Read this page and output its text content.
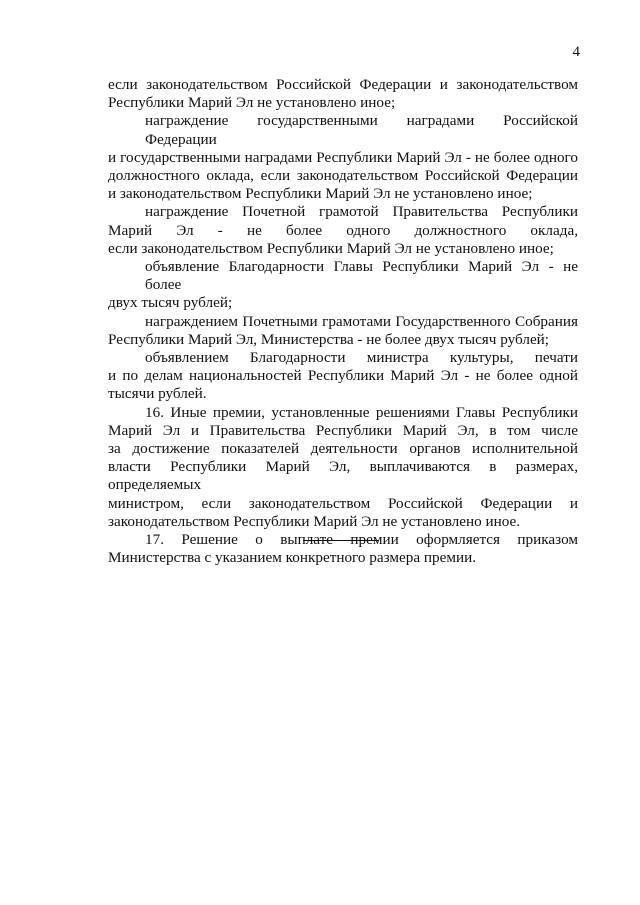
4

если законодательством Российской Федерации и законодательством
Республики Марий Эл не установлено иное;

награждение государственными наградами Российской Федерации
и государственными наградами Республики Марий Эл - не более одного
должностного оклада, если законодательством Российской Федерации
и законодательством Республики Марий Эл не установлено иное;

награждение Почетной грамотой Правительства Республики
Марий Эл - не более одного должностного оклада,
если законодательством Республики Марий Эл не установлено иное;

объявление Благодарности Главы Республики Марий Эл - не более
двух тысяч рублей;

награждением Почетными грамотами Государственного Собрания
Республики Марий Эл, Министерства - не более двух тысяч рублей;

объявлением Благодарности министра культуры, печати
и по делам национальностей Республики Марий Эл - не более одной
тысячи рублей.

16. Иные премии, установленные решениями Главы Республики
Марий Эл и Правительства Республики Марий Эл, в том числе
за достижение показателей деятельности органов исполнительной
власти Республики Марий Эл, выплачиваются в размерах, определяемых
министром, если законодательством Российской Федерации и
законодательством Республики Марий Эл не установлено иное.

17. Решение о выплате премии оформляется приказом
Министерства с указанием конкретного размера премии.
